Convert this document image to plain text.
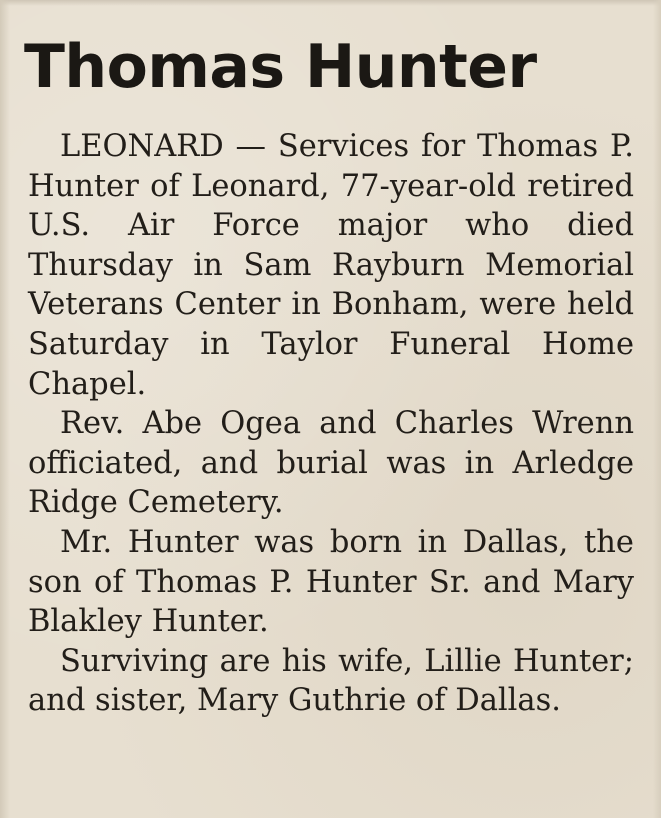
Thomas Hunter

LEONARD — Services for Thomas P. Hunter of Leonard, 77-year-old retired U.S. Air Force major who died Thursday in Sam Rayburn Memorial Veterans Center in Bonham, were held Saturday in Taylor Funeral Home Chapel.

Rev. Abe Ogea and Charles Wrenn officiated, and burial was in Arledge Ridge Cemetery.

Mr. Hunter was born in Dallas, the son of Thomas P. Hunter Sr. and Mary Blakley Hunter.

Surviving are his wife, Lillie Hunter; and sister, Mary Guthrie of Dallas.
